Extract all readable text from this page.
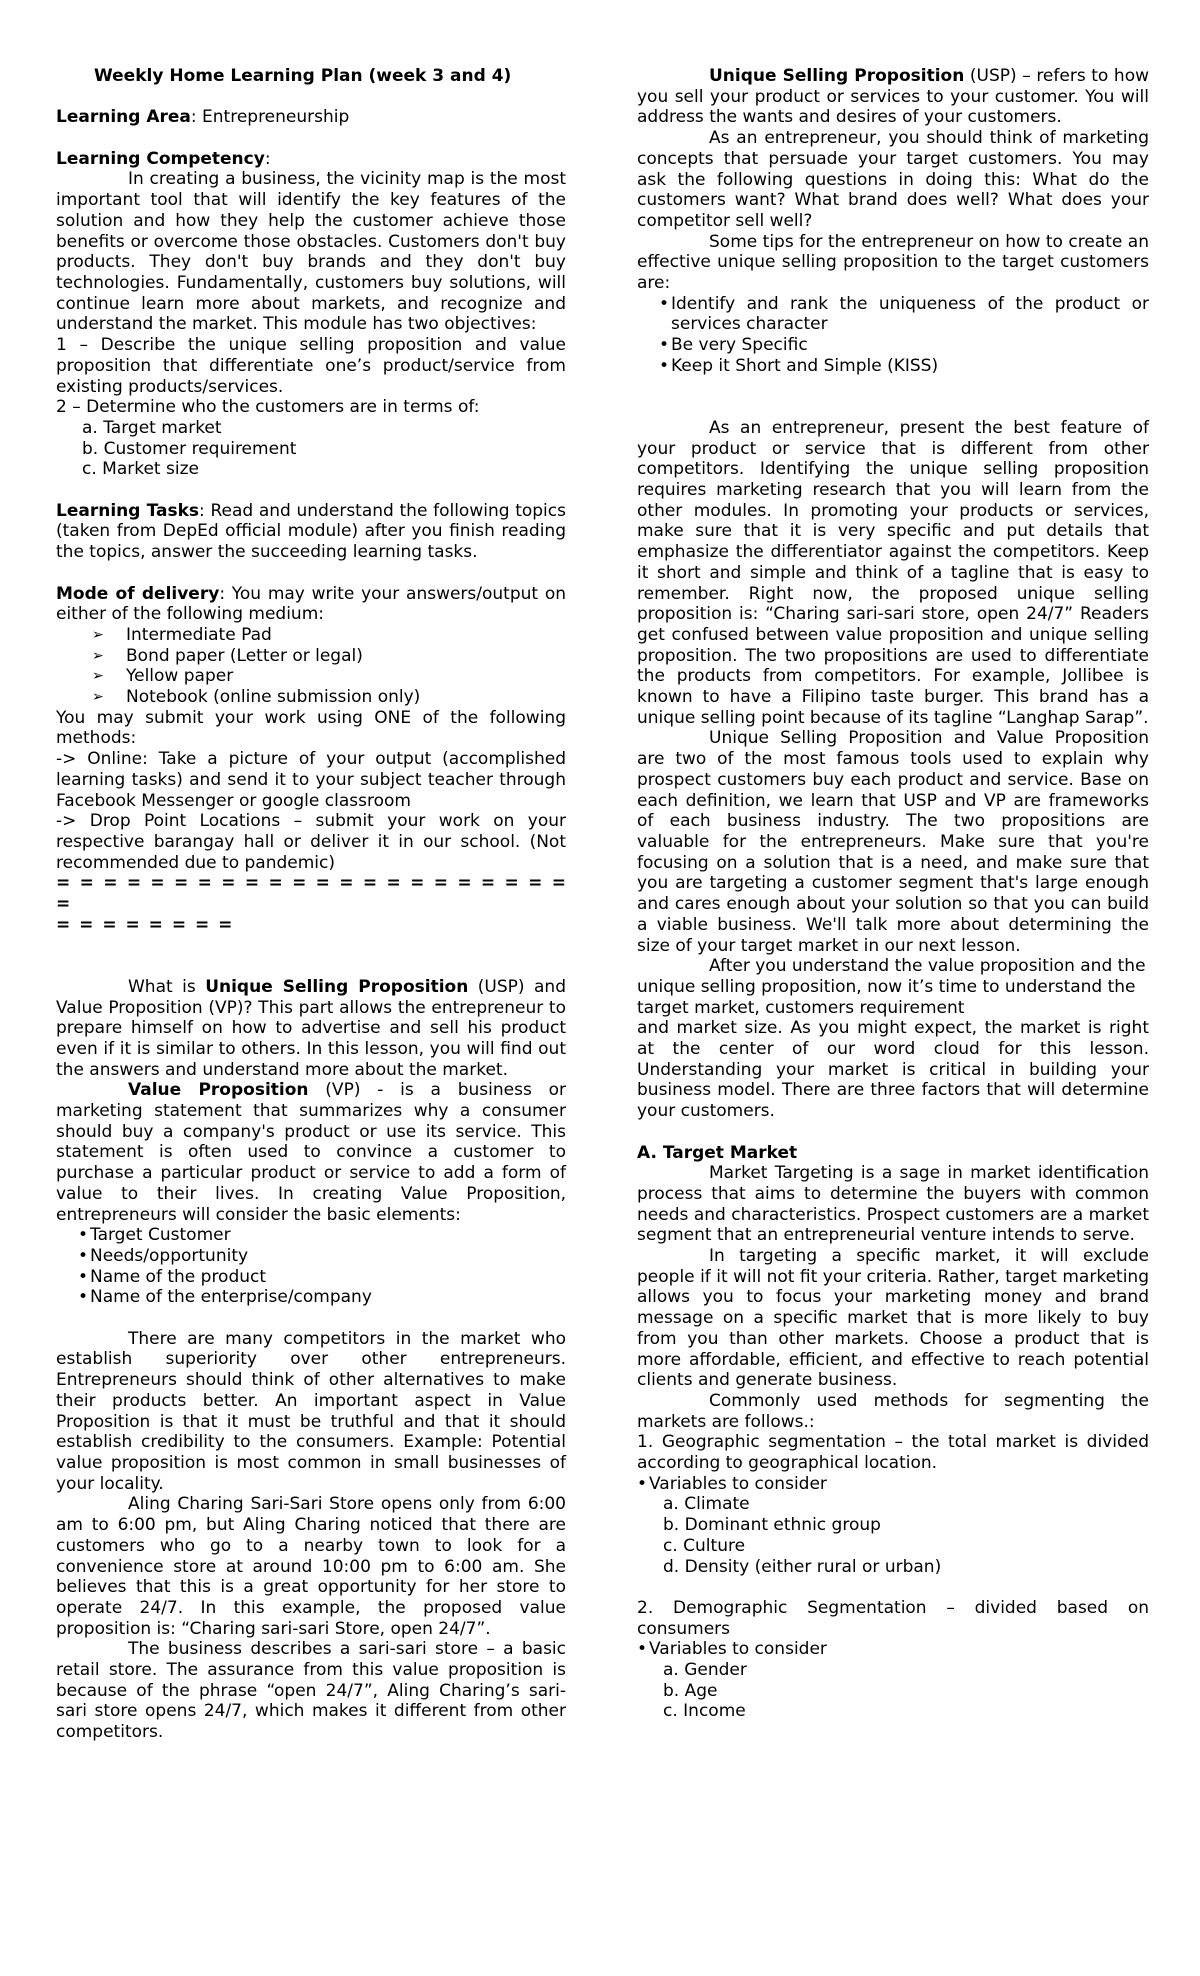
Weekly Home Learning Plan (week 3 and 4)

Learning Area: Entrepreneurship

Learning Competency:

In creating a business, the vicinity map is the most important tool that will identify the key features of the solution and how they help the customer achieve those benefits or overcome those obstacles. Customers don't buy products. They don't buy brands and they don't buy technologies. Fundamentally, customers buy solutions, will continue learn more about markets, and recognize and understand the market. This module has two objectives:

1 – Describe the unique selling proposition and value proposition that differentiate one’s product/service from existing products/services.

2 – Determine who the customers are in terms of:

a. Target market
b. Customer requirement
c. Market size

Learning Tasks: Read and understand the following topics (taken from DepEd official module) after you finish reading the topics, answer the succeeding learning tasks.

Mode of delivery: You may write your answers/output on either of the following medium:

➢ Intermediate Pad
➢ Bond paper (Letter or legal)
➢ Yellow paper
➢ Notebook (online submission only)

You may submit your work using ONE of the following methods:

-> Online: Take a picture of your output (accomplished learning tasks) and send it to your subject teacher through Facebook Messenger or google classroom

-> Drop Point Locations – submit your work on your respective barangay hall or deliver it in our school. (Not recommended due to pandemic)

= = = = = = = = = = = = = = = = = = = = = = =

= = = = = = = =

What is Unique Selling Proposition (USP) and Value Proposition (VP)? This part allows the entrepreneur to prepare himself on how to advertise and sell his product even if it is similar to others. In this lesson, you will find out the answers and understand more about the market.

Value Proposition (VP) - is a business or marketing statement that summarizes why a consumer should buy a company's product or use its service. This statement is often used to convince a customer to purchase a particular product or service to add a form of value to their lives. In creating Value Proposition, entrepreneurs will consider the basic elements:

• Target Customer
• Needs/opportunity
• Name of the product
• Name of the enterprise/company

There are many competitors in the market who establish superiority over other entrepreneurs. Entrepreneurs should think of other alternatives to make their products better. An important aspect in Value Proposition is that it must be truthful and that it should establish credibility to the consumers. Example: Potential value proposition is most common in small businesses of your locality.

Aling Charing Sari-Sari Store opens only from 6:00 am to 6:00 pm, but Aling Charing noticed that there are customers who go to a nearby town to look for a convenience store at around 10:00 pm to 6:00 am. She believes that this is a great opportunity for her store to operate 24/7. In this example, the proposed value proposition is: “Charing sari-sari Store, open 24/7”.

The business describes a sari-sari store – a basic retail store. The assurance from this value proposition is because of the phrase “open 24/7”, Aling Charing’s sari-sari store opens 24/7, which makes it different from other competitors.

Unique Selling Proposition (USP) – refers to how you sell your product or services to your customer. You will address the wants and desires of your customers.

As an entrepreneur, you should think of marketing concepts that persuade your target customers. You may ask the following questions in doing this: What do the customers want? What brand does well? What does your competitor sell well?

Some tips for the entrepreneur on how to create an effective unique selling proposition to the target customers are:

• Identify and rank the uniqueness of the product or services character
• Be very Specific
• Keep it Short and Simple (KISS)

As an entrepreneur, present the best feature of your product or service that is different from other competitors. Identifying the unique selling proposition requires marketing research that you will learn from the other modules. In promoting your products or services, make sure that it is very specific and put details that emphasize the differentiator against the competitors. Keep it short and simple and think of a tagline that is easy to remember. Right now, the proposed unique selling proposition is: “Charing sari-sari store, open 24/7” Readers get confused between value proposition and unique selling proposition. The two propositions are used to differentiate the products from competitors. For example, Jollibee is known to have a Filipino taste burger. This brand has a unique selling point because of its tagline “Langhap Sarap”.

Unique Selling Proposition and Value Proposition are two of the most famous tools used to explain why prospect customers buy each product and service. Base on each definition, we learn that USP and VP are frameworks of each business industry. The two propositions are valuable for the entrepreneurs. Make sure that you're focusing on a solution that is a need, and make sure that you are targeting a customer segment that's large enough and cares enough about your solution so that you can build a viable business. We'll talk more about determining the size of your target market in our next lesson.

After you understand the value proposition and the unique selling proposition, now it’s time to understand the target market, customers requirement

and market size. As you might expect, the market is right at the center of our word cloud for this lesson. Understanding your market is critical in building your business model. There are three factors that will determine your customers.

A. Target Market

Market Targeting is a sage in market identification process that aims to determine the buyers with common needs and characteristics. Prospect customers are a market segment that an entrepreneurial venture intends to serve.

In targeting a specific market, it will exclude people if it will not fit your criteria. Rather, target marketing allows you to focus your marketing money and brand message on a specific market that is more likely to buy from you than other markets. Choose a product that is more affordable, efficient, and effective to reach potential clients and generate business.

Commonly used methods for segmenting the markets are follows.:

1. Geographic segmentation – the total market is divided according to geographical location.

• Variables to consider

a. Climate
b. Dominant ethnic group
c. Culture
d. Density (either rural or urban)

2. Demographic Segmentation – divided based on consumers

• Variables to consider

a. Gender
b. Age
c. Income
